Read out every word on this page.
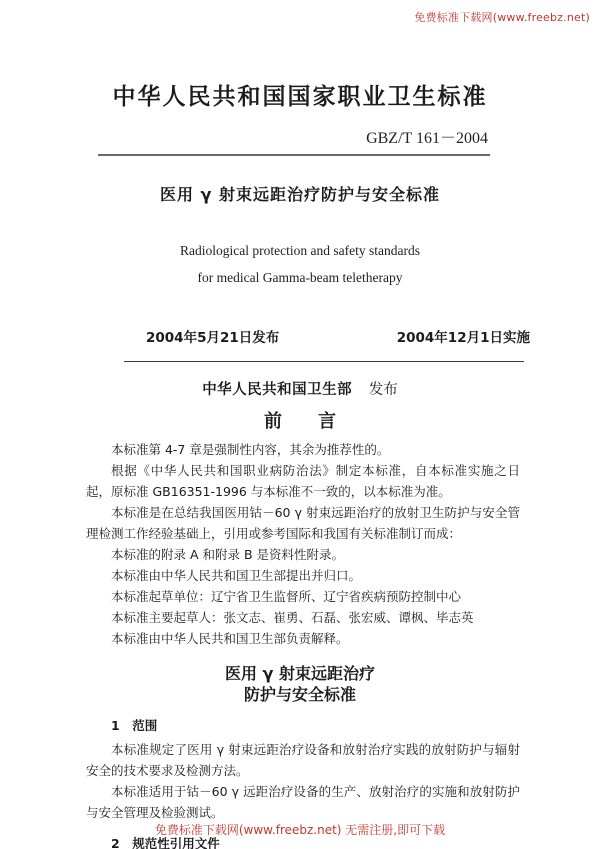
免费标准下载网(www.freebz.net)
中华人民共和国国家职业卫生标准
GBZ/T 161－2004
医用 γ 射束远距治疗防护与安全标准
Radiological protection and safety standards
for medical Gamma-beam teletherapy
2004年5月21日发布	2004年12月1日实施
中华人民共和国卫生部 发布
前　　言

本标准第 4-7 章是强制性内容，其余为推荐性的。

根据《中华人民共和国职业病防治法》制定本标准，自本标准实施之日起，原标准 GB16351-1996 与本标准不一致的，以本标准为准。

本标准是在总结我国医用钴－60 γ 射束远距治疗的放射卫生防护与安全管理检测工作经验基础上，引用或参考国际和我国有关标准制订而成：

本标准的附录 A 和附录 B 是资料性附录。

本标准由中华人民共和国卫生部提出并归口。

本标准起草单位：辽宁省卫生监督所、辽宁省疾病预防控制中心

本标准主要起草人：张文志、崔勇、石磊、张宏威、谭枫、毕志英

本标准由中华人民共和国卫生部负责解释。

医用 γ 射束远距治疗
防护与安全标准

1　范围

本标准规定了医用 γ 射束远距治疗设备和放射治疗实践的放射防护与辐射安全的技术要求及检测方法。

本标准适用于钴－60 γ 远距治疗设备的生产、放射治疗的实施和放射防护与安全管理及检验测试。

2　规范性引用文件

免费标准下载网(www.freebz.net) 无需注册,即可下载
